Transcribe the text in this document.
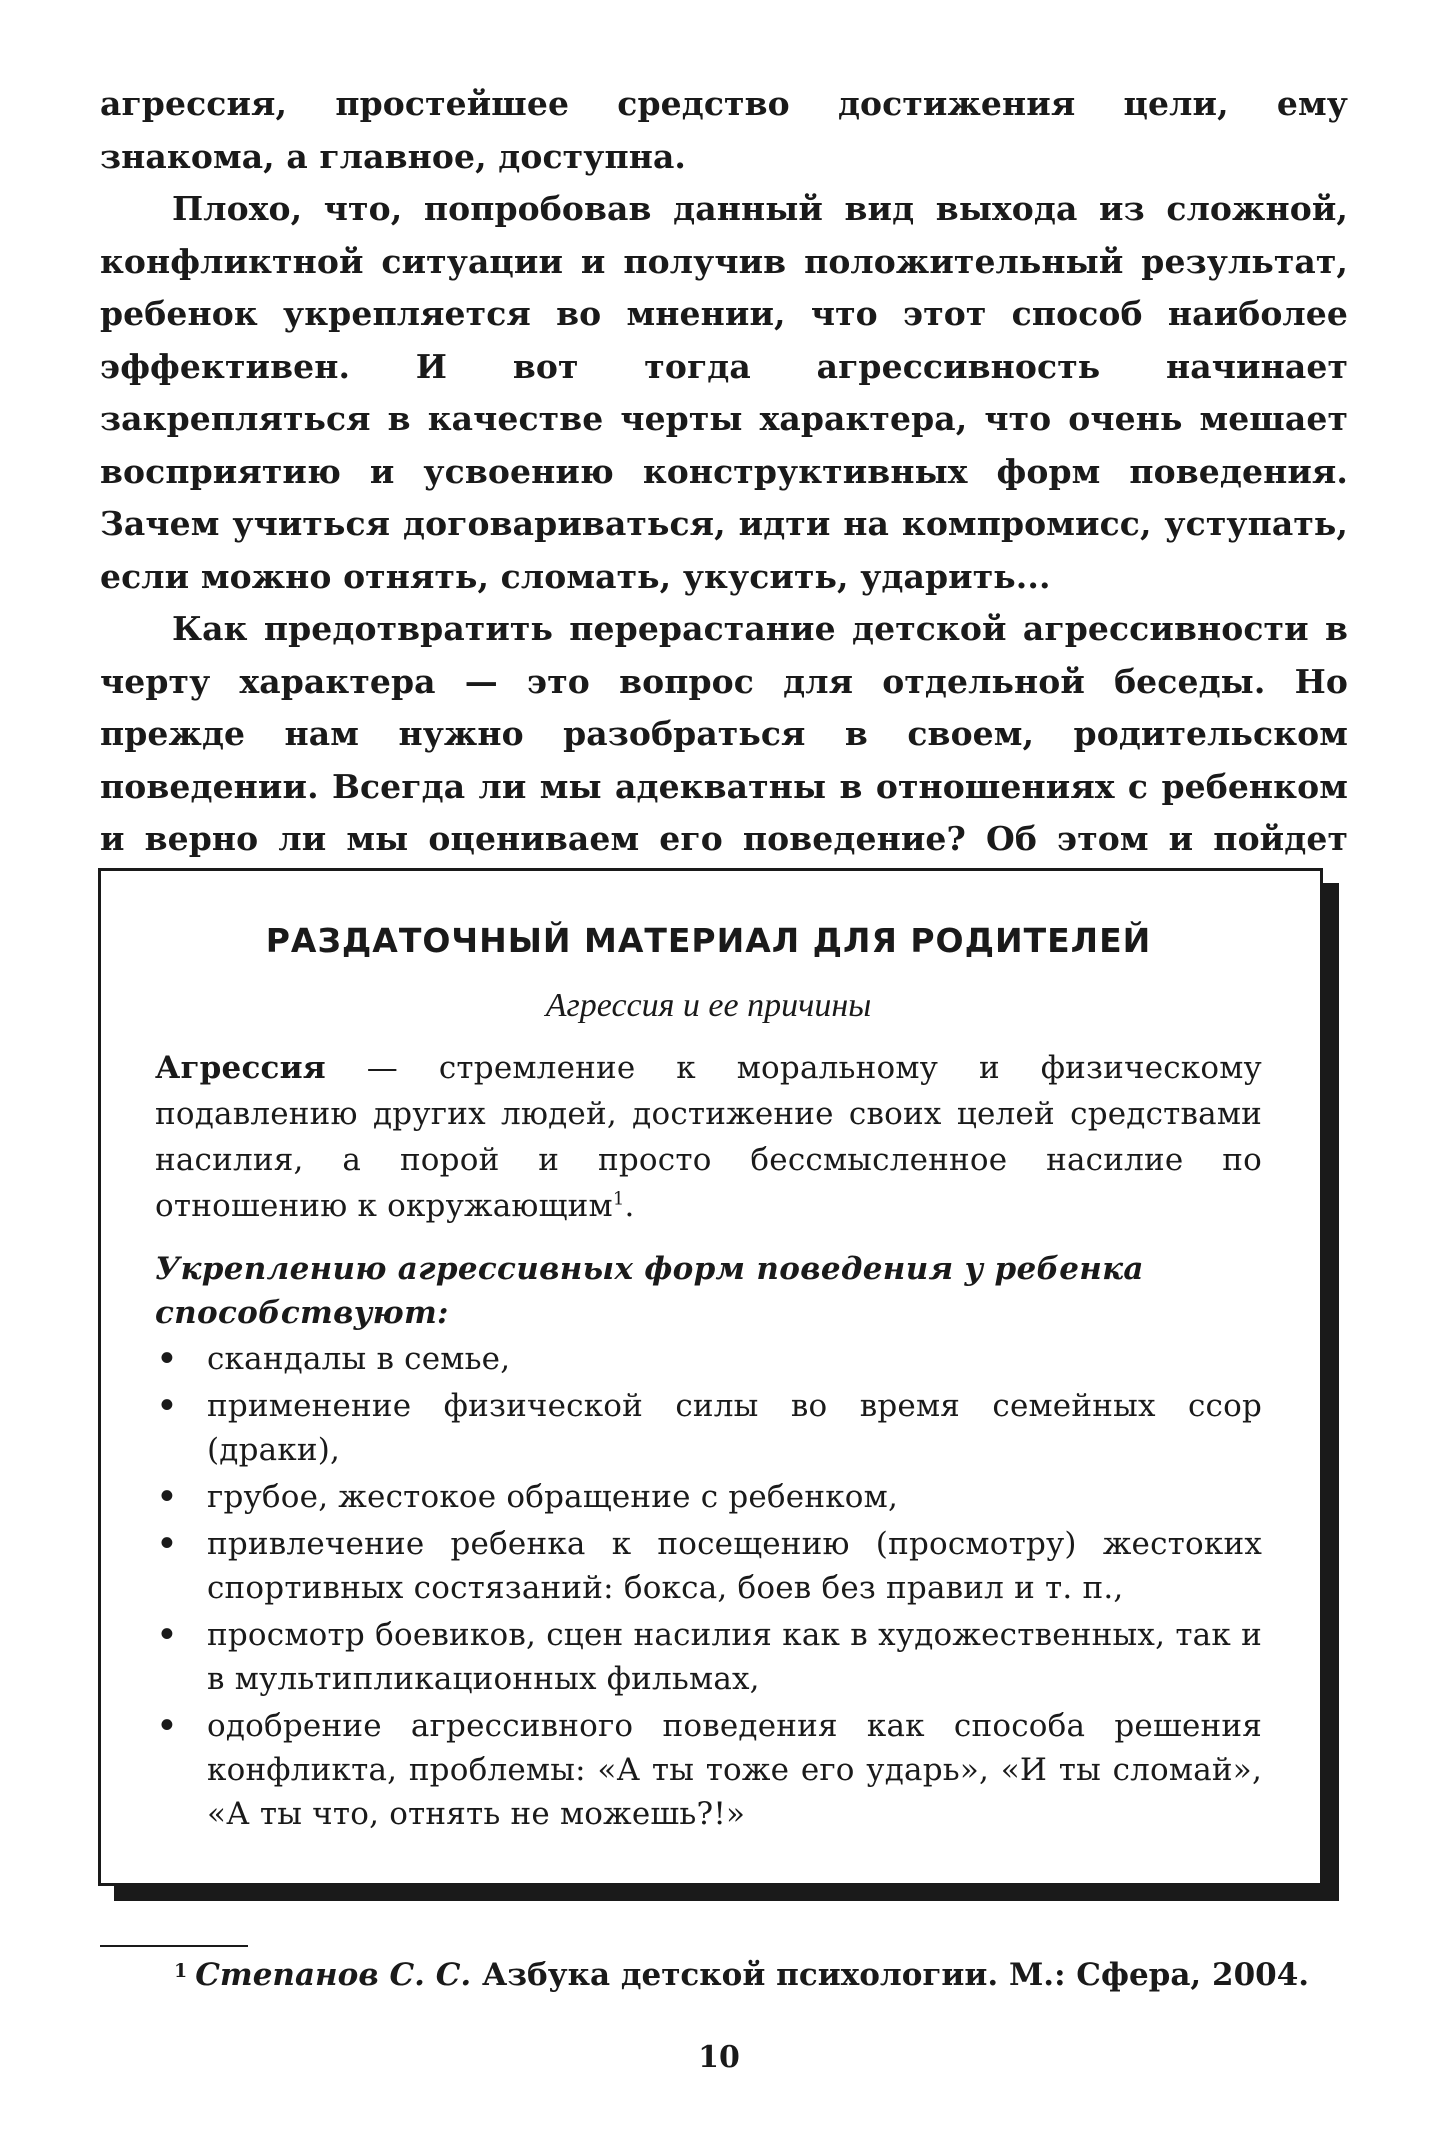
агрессия, простейшее средство достижения цели, ему знакома, а главное, доступна.

Плохо, что, попробовав данный вид выхода из сложной, конфликтной ситуации и получив положительный результат, ребенок укрепляется во мнении, что этот способ наиболее эффективен. И вот тогда агрессивность начинает закрепляться в качестве черты характера, что очень мешает восприятию и усвоению конструктивных форм поведения. Зачем учиться договариваться, идти на компромисс, уступать, если можно отнять, сломать, укусить, ударить...

Как предотвратить перерастание детской агрессивности в черту характера — это вопрос для отдельной беседы. Но прежде нам нужно разобраться в своем, родительском поведении. Всегда ли мы адекватны в отношениях с ребенком и верно ли мы оцениваем его поведение? Об этом и пойдет

РАЗДАТОЧНЫЙ МАТЕРИАЛ ДЛЯ РОДИТЕЛЕЙ

Агрессия и ее причины

Агрессия — стремление к моральному и физическому подавлению других людей, достижение своих целей средствами насилия, а порой и просто бессмысленное насилие по отношению к окружающим$^1$.

Укреплению агрессивных форм поведения у ребенка способствуют:

• скандалы в семье,
• применение физической силы во время семейных ссор (драки),
• грубое, жестокое обращение с ребенком,
• привлечение ребенка к посещению (просмотру) жестоких спортивных состязаний: бокса, боев без правил и т. п.,
• просмотр боевиков, сцен насилия как в художественных, так и в мультипликационных фильмах,
• одобрение агрессивного поведения как способа решения конфликта, проблемы: «А ты тоже его ударь», «И ты сломай», «А ты что, отнять не можешь?!»
$^1$ Степанов С. С. Азбука детской психологии. М.: Сфера, 2004.
10
